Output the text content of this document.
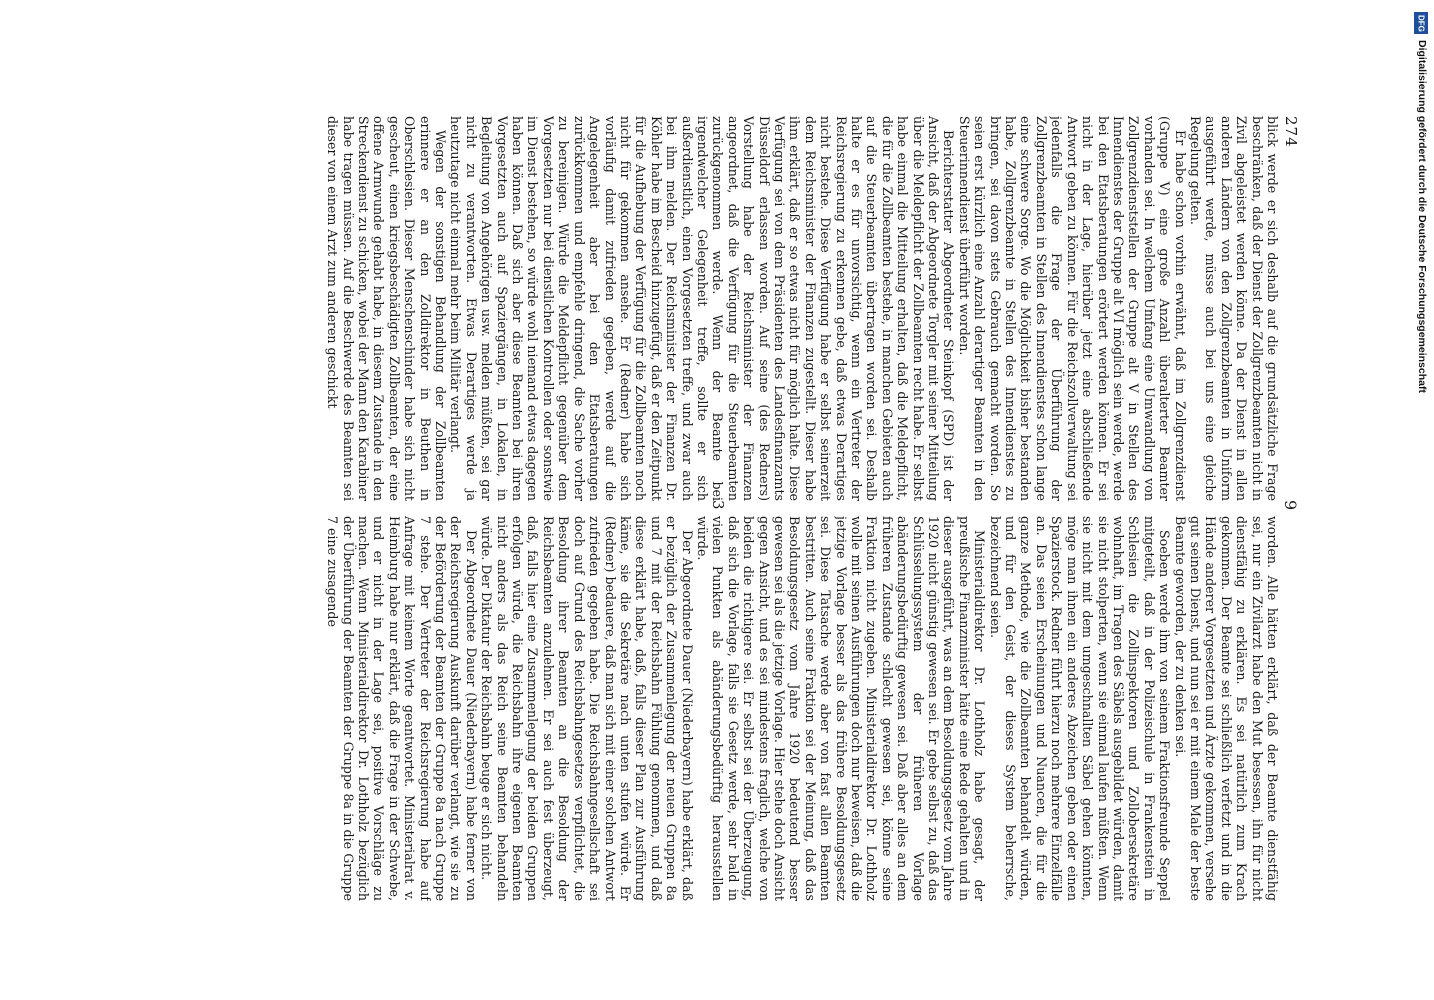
274
9

blick werde er sich deshalb auf die grundsätzliche Frage beschränken, daß der Dienst der Zollgrenzbeamten nicht in Zivil abgeleistet werden könne. Da der Dienst in allen anderen Ländern von den Zollgrenzbeamten in Uniform ausgeführt werde, müsse auch bei uns eine gleiche Regelung gelten.

Er habe schon vorhin erwähnt, daß im Zollgrenzdienst (Gruppe V) eine große Anzahl überalterter Beamter vorhanden sei. In welchem Umfang eine Umwandlung von Zollgrenzdienststellen der Gruppe alt V in Stellen des Innendienstes der Gruppe alt VI möglich sein werde, werde bei den Etatsberatungen erörtert werden können. Er sei nicht in der Lage, hierüber jetzt eine abschließende Antwort geben zu können. Für die Reichszollverwaltung sei jedenfalls die Frage der Überführung der Zollgrenzbeamten in Stellen des Innendienstes schon lange eine schwere Sorge. Wo die Möglichkeit bisher bestanden habe, Zollgrenzbeamte in Stellen des Innendienstes zu bringen, sei davon stets Gebrauch gemacht worden. So seien erst kürzlich eine Anzahl derartiger Beamten in den Steuerinnendienst überführt worden.

Berichterstatter Abgeordneter Steinkopf (SPD) ist der Ansicht, daß der Abgeordnete Torgler mit seiner Mitteilung über die Meldepflicht der Zollbeamten recht habe. Er selbst habe einmal die Mitteilung erhalten, daß die Meldepflicht, die für die Zollbeamten bestehe, in manchen Gebieten auch auf die Steuerbeamten übertragen worden sei. Deshalb halte er es für unvorsichtig, wenn ein Vertreter der Reichsregierung zu erkennen gebe, daß etwas Derartiges nicht bestehe. Diese Verfügung habe er selbst seinerzeit dem Reichsminister der Finanzen zugestellt. Dieser habe ihm erklärt, daß er so etwas nicht für möglich halte. Diese Verfügung sei von dem Präsidenten des Landesfinanzamts Düsseldorf erlassen worden. Auf seine (des Redners) Vorstellung habe der Reichsminister der Finanzen angeordnet, daß die Verfügung für die Steuerbeamten zurückgenommen werde. Wenn der Beamte bei irgendwelcher Gelegenheit treffe, sollte er sich außerdienstlich, einen Vorgesetzten treffe, und zwar auch bei ihm melden. Der Reichsminister der Finanzen Dr. Köhler habe im Bescheid hinzugefügt, daß er den Zeitpunkt für die Aufhebung der Verfügung für die Zollbeamten noch nicht für gekommen ansehe. Er (Redner) habe sich vorläufig damit zufrieden gegeben, werde auf die Angelegenheit aber bei den Etatsberatungen zurückkommen und empfehle dringend, die Sache vorher zu bereinigen. Würde die Meldepflicht gegenüber dem Vorgesetzten nur bei dienstlichen Kontrollen oder sonstwie im Dienst bestehen, so würde wohl niemand etwas dagegen haben können. Daß sich aber diese Beamten bei ihren Vorgesetzten auch auf Spaziergängen, in Lokalen, in Begleitung von Angehörigen usw. melden müßten, sei gar nicht zu verantworten. Etwas Derartiges werde ja heutzutage nicht einmal mehr beim Militär verlangt.

Wegen der sonstigen Behandlung der Zollbeamten erinnere er an den Zolldirektor in Beuthen in Oberschlesien. Dieser Menschenschinder habe sich nicht gescheut, einen kriegsbeschädigten Zollbeamten, der eine offene Armwunde gehabt habe, in diesem Zustande in den Streckendienst zu schicken, wobei der Mann den Karabiner habe tragen müssen. Auf die Beschwerde des Beamten sei dieser von einem Arzt zum anderen geschickt

worden. Alle hätten erklärt, daß der Beamte dienstfähig sei, nur ein Zivilarzt habe den Mut besessen, ihn für nicht dienstfähig zu erklären. Es sei natürlich zum Krach gekommen. Der Beamte sei schließlich verfetzt und in die Hände anderer Vorgesetzten und Ärzte gekommen, versehe gut seinen Dienst, und nun sei er mit einem Male der beste Beamte geworden, der zu denken sei.

Soeben werde ihm von seinem Fraktionsfreunde Seppel mitgeteilt, daß in der Polizeischule in Frankenstein in Schlesien die Zollinspektoren und Zollobersekretäre wohnhaft, im Tragen des Säbels ausgebildet würden, damit sie nicht stolperten, wenn sie einmal laufen müßten. Wenn sie nicht mit dem umgeschnallten Säbel gehen könnten, möge man ihnen ein anderes Abzeichen geben oder einen Spazierstock. Redner führt hierzu noch mehrere Einzelfälle an. Das seien Erscheinungen und Nuancen, die für die ganze Methode, wie die Zollbeamten behandelt würden, und für den Geist, der dieses System beherrsche, bezeichnend seien.

Ministerialdirektor Dr. Lothholz habe gesagt, der preußische Finanzminister hätte eine Rede gehalten und in dieser ausgeführt, was an dem Besoldungsgesetz vom Jahre 1920 nicht günstig gewesen sei. Er gebe selbst zu, daß das Schlüsselungssystem der früheren Vorlage abänderungsbedürftig gewesen sei. Daß aber alles an dem früheren Zustande schlecht gewesen sei, könne seine Fraktion nicht zugeben. Ministerialdirektor Dr. Lothholz wolle mit seinen Ausführungen doch nur beweisen, daß die jetzige Vorlage besser als das frühere Besoldungsgesetz sei. Diese Tatsache werde aber von fast allen Beamten bestritten. Auch seine Fraktion sei der Meinung, daß das Besoldungsgesetz vom Jahre 1920 bedeutend besser gewesen sei als die jetzige Vorlage. Hier stehe doch Ansicht gegen Ansicht, und es sei mindestens fraglich, welche von beiden die richtigere sei. Er selbst sei der Überzeugung, daß sich die Vorlage, falls sie Gesetz werde, sehr bald in vielen Punkten als abänderungsbedürftig herausstellen würde.

Der Abgeordnete Dauer (Niederbayern) habe erklärt, daß er bezüglich der Zusammenlegung der neuen Gruppen 8a und 7 mit der Reichsbahn Fühlung genommen, und daß diese erklärt habe, daß, falls dieser Plan zur Ausführung käme, sie die Sekretäre nach unten stufen würde. Er (Redner) bedauere, daß man sich mit einer solchen Antwort zufrieden gegeben habe. Die Reichsbahngesellschaft sei doch auf Grund des Reichsbahngesetzes verpflichtet, die Besoldung ihrer Beamten an die Besoldung der Reichsbeamten anzulehnen. Er sei auch fest überzeugt, daß, falls hier eine Zusammenlegung der beiden Gruppen erfolgen würde, die Reichsbahn ihre eigenen Beamten nicht anders als das Reich seine Beamten behandeln würde. Der Diktatur der Reichsbahn beuge er sich nicht.

Der Abgeordnete Dauer (Niederbayern) habe ferner von der Reichsregierung Auskunft darüber verlangt, wie sie zu der Beförderung der Beamten der Gruppe 8a nach Gruppe 7 stehe. Der Vertreter der Reichsregierung habe auf Anfrage mit keinem Worte geantwortet. Ministerialrat v. Heimburg habe nur erklärt, daß die Frage in der Schwebe, und er nicht in der Lage sei, positive Vorschläge zu machen. Wenn Ministerialdirektor Dr. Lothholz bezüglich der Überführung der Beamten der Gruppe 8a in die Gruppe 7 eine zusagende

3
DFG
Digitalisierung gefördert durch die Deutsche Forschungsgemeinschaft
